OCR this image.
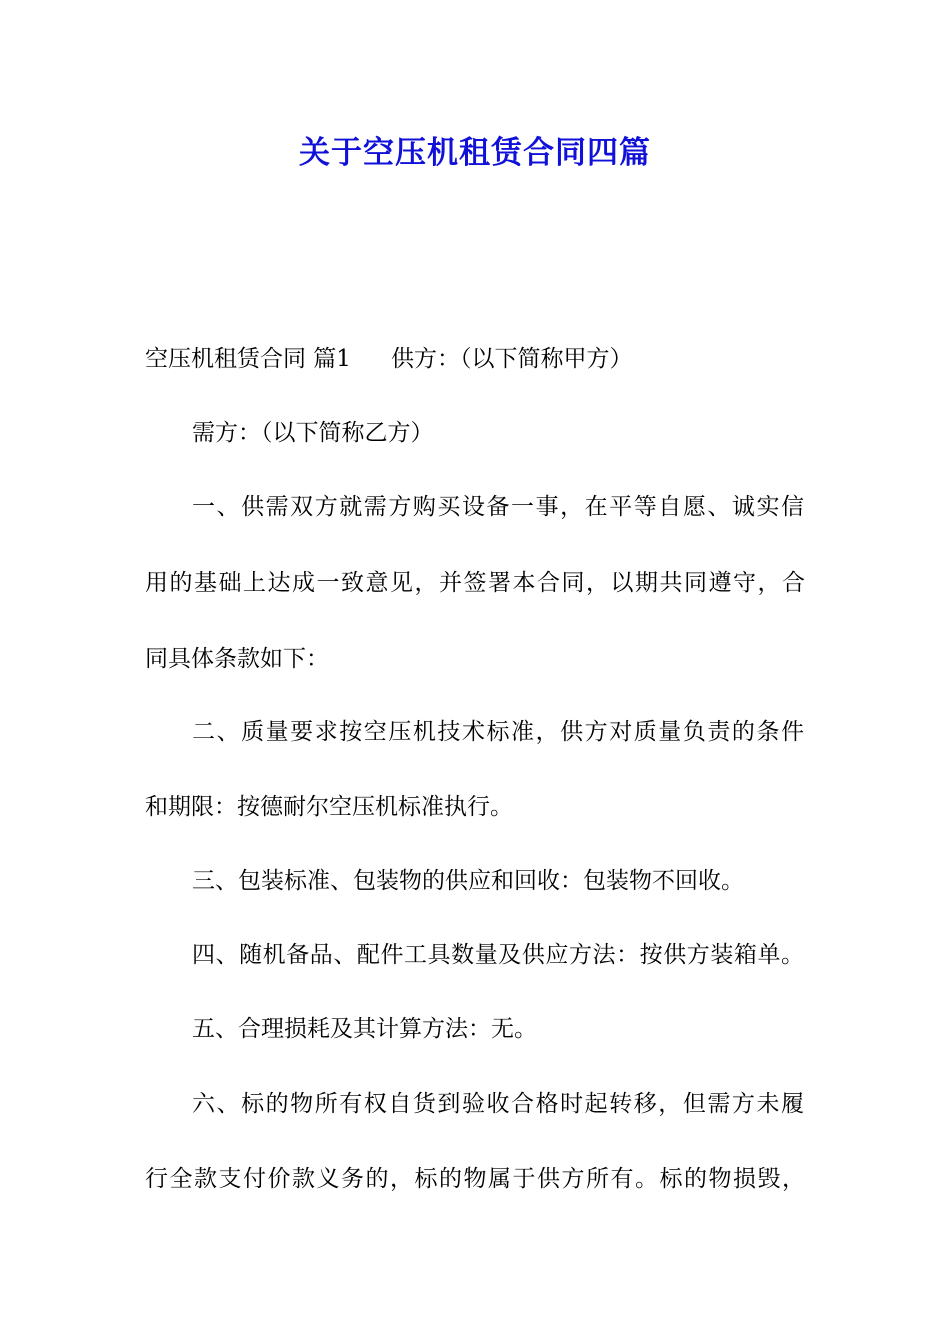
关于空压机租赁合同四篇
空压机租赁合同 篇1 供方：（以下简称甲方）
需方：（以下简称乙方）
一、供需双方就需方购买设备一事，在平等自愿、诚实信
用的基础上达成一致意见，并签署本合同，以期共同遵守，合
同具体条款如下：
二、质量要求按空压机技术标准，供方对质量负责的条件
和期限：按德耐尔空压机标准执行。
三、包装标准、包装物的供应和回收：包装物不回收。
四、随机备品、配件工具数量及供应方法：按供方装箱单。
五、合理损耗及其计算方法：无。
六、标的物所有权自货到验收合格时起转移，但需方未履
行全款支付价款义务的，标的物属于供方所有。标的物损毁，
